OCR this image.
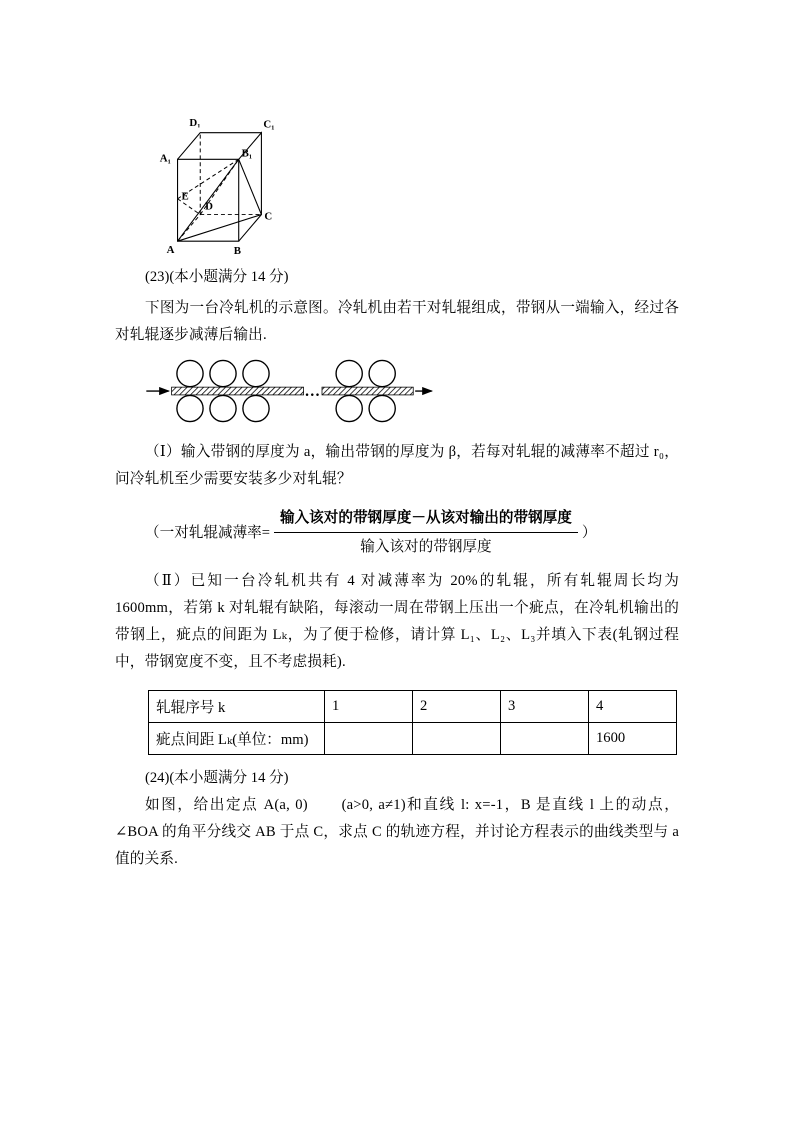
D₁	C₁
A₁	B₁
E
D
C
A	B

(23)(本小题满分 14 分)

下图为一台冷轧机的示意图。冷轧机由若干对轧辊组成，带钢从一端输入，经过各对轧辊逐步减薄后输出.

…

（Ⅰ）输入带钢的厚度为 a，输出带钢的厚度为 β，若每对轧辊的减薄率不超过 r₀，问冷轧机至少需要安装多少对轧辊？

（一对轧辊减薄率= $\frac{\text{输入该对的带钢厚度－从该对输出的带钢厚度}}{\text{输入该对的带钢厚度}}$ ）

（Ⅱ）已知一台冷轧机共有 4 对减薄率为 20%的轧辊，所有轧辊周长均为 1600mm，若第 k 对轧辊有缺陷，每滚动一周在带钢上压出一个疵点，在冷轧机输出的带钢上，疵点的间距为 Lₖ，为了便于检修，请计算 L₁、L₂、L₃并填入下表(轧钢过程中，带钢宽度不变，且不考虑损耗).

轧辊序号 k	1	2	3	4
疵点间距 Lₖ(单位：mm)				1600

(24)(本小题满分 14 分)

如图，给出定点 A(a, 0)　　(a>0, a≠1)和直线 l: x=-1，B 是直线 l 上的动点，∠BOA 的角平分线交 AB 于点 C，求点 C 的轨迹方程，并讨论方程表示的曲线类型与 a 值的关系.
